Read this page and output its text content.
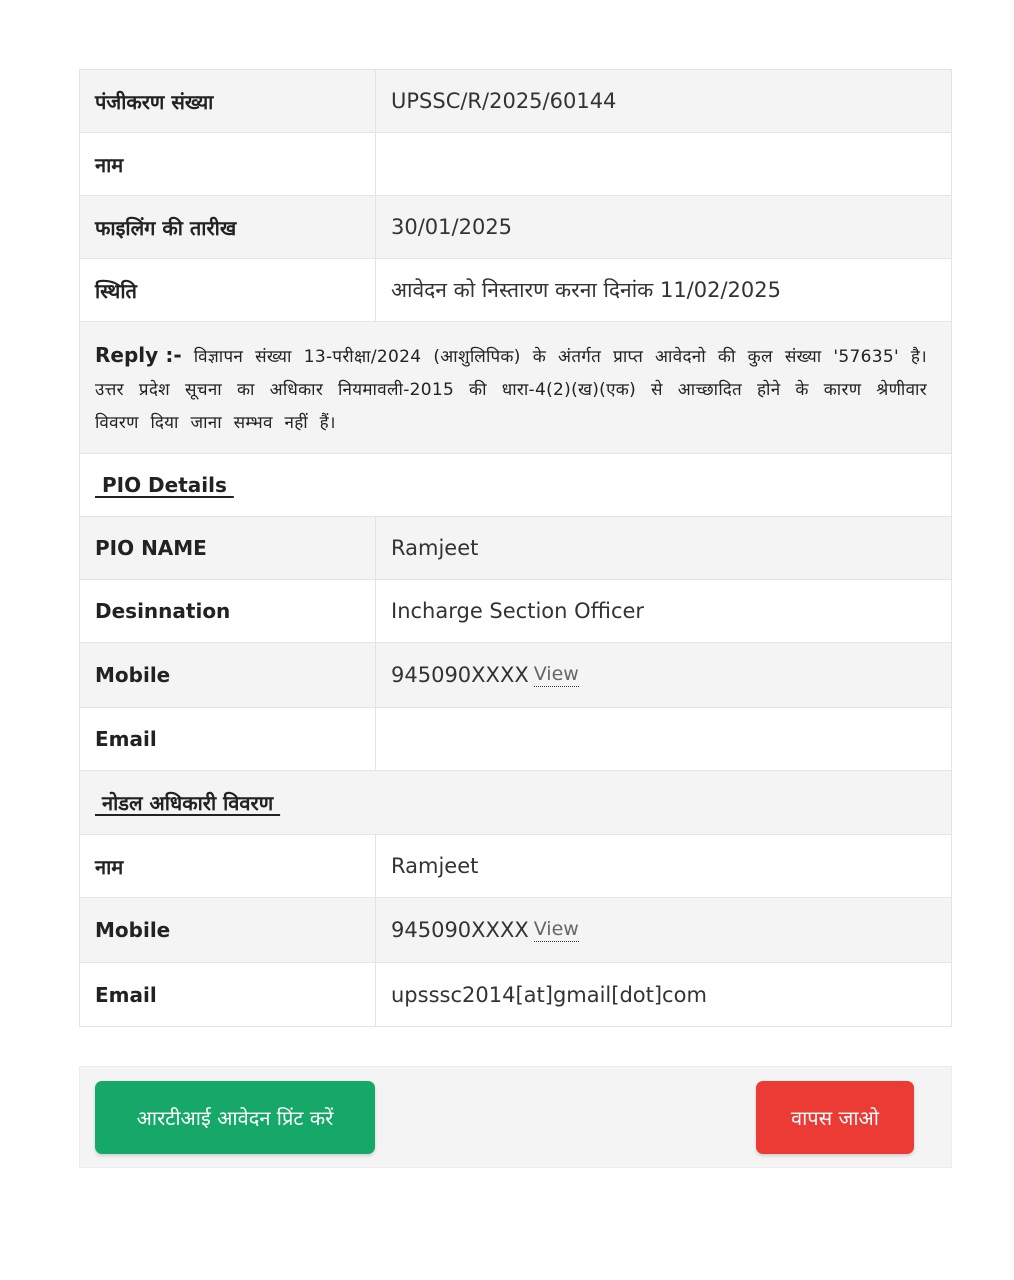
पंजीकरण संख्या	UPSSC/R/2025/60144
नाम
फाइलिंग की तारीख	30/01/2025
स्थिति	आवेदन को निस्तारण करना दिनांक 11/02/2025
Reply :- विज्ञापन संख्या 13-परीक्षा/2024 (आशुलिपिक) के अंतर्गत प्राप्त आवेदनो की कुल संख्या '57635' है। उत्तर प्रदेश सूचना का अधिकार नियमावली-2015 की धारा-4(2)(ख)(एक) से आच्छादित होने के कारण श्रेणीवार विवरण दिया जाना सम्भव नहीं हैं।
PIO Details
PIO NAME	Ramjeet
Desinnation	Incharge Section Officer
Mobile	945090XXXX View
Email
नोडल अधिकारी विवरण
नाम	Ramjeet
Mobile	945090XXXX View
Email	upsssc2014[at]gmail[dot]com
आरटीआई आवेदन प्रिंट करें	वापस जाओ
